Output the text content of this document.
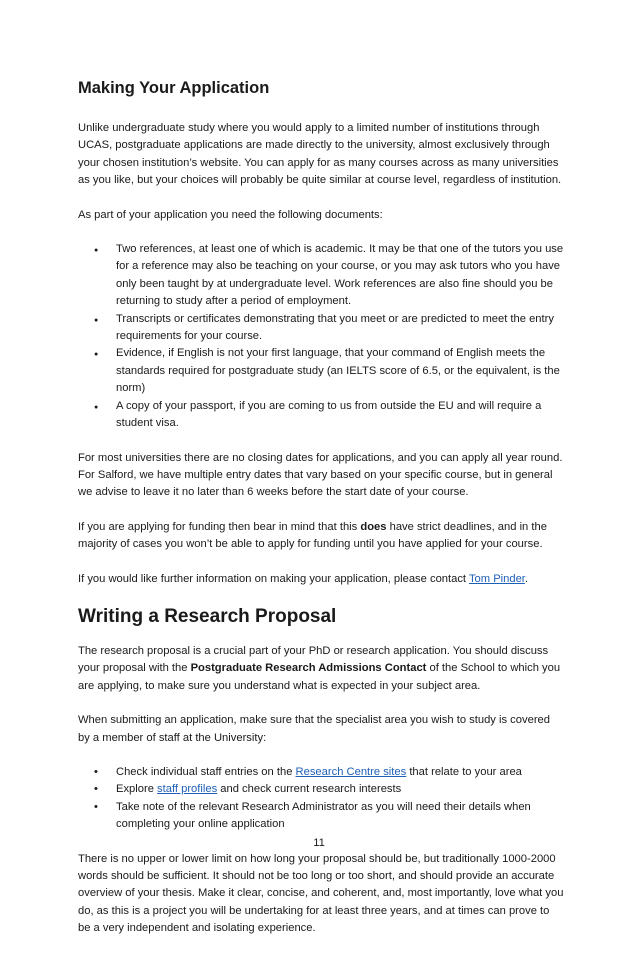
Making Your Application

Unlike undergraduate study where you would apply to a limited number of institutions through UCAS, postgraduate applications are made directly to the university, almost exclusively through your chosen institution’s website. You can apply for as many courses across as many universities as you like, but your choices will probably be quite similar at course level, regardless of institution.

As part of your application you need the following documents:

● Two references, at least one of which is academic. It may be that one of the tutors you use for a reference may also be teaching on your course, or you may ask tutors who you have only been taught by at undergraduate level. Work references are also fine should you be returning to study after a period of employment.
● Transcripts or certificates demonstrating that you meet or are predicted to meet the entry requirements for your course.
● Evidence, if English is not your first language, that your command of English meets the standards required for postgraduate study (an IELTS score of 6.5, or the equivalent, is the norm)
● A copy of your passport, if you are coming to us from outside the EU and will require a student visa.

For most universities there are no closing dates for applications, and you can apply all year round. For Salford, we have multiple entry dates that vary based on your specific course, but in general we advise to leave it no later than 6 weeks before the start date of your course.

If you are applying for funding then bear in mind that this does have strict deadlines, and in the majority of cases you won’t be able to apply for funding until you have applied for your course.

If you would like further information on making your application, please contact Tom Pinder.

Writing a Research Proposal

The research proposal is a crucial part of your PhD or research application. You should discuss your proposal with the Postgraduate Research Admissions Contact of the School to which you are applying, to make sure you understand what is expected in your subject area.

When submitting an application, make sure that the specialist area you wish to study is covered by a member of staff at the University:

• Check individual staff entries on the Research Centre sites that relate to your area
• Explore staff profiles and check current research interests
• Take note of the relevant Research Administrator as you will need their details when completing your online application

There is no upper or lower limit on how long your proposal should be, but traditionally 1000-2000 words should be sufficient. It should not be too long or too short, and should provide an accurate overview of your thesis. Make it clear, concise, and coherent, and, most importantly, love what you do, as this is a project you will be undertaking for at least three years, and at times can prove to be a very independent and isolating experience.

11
